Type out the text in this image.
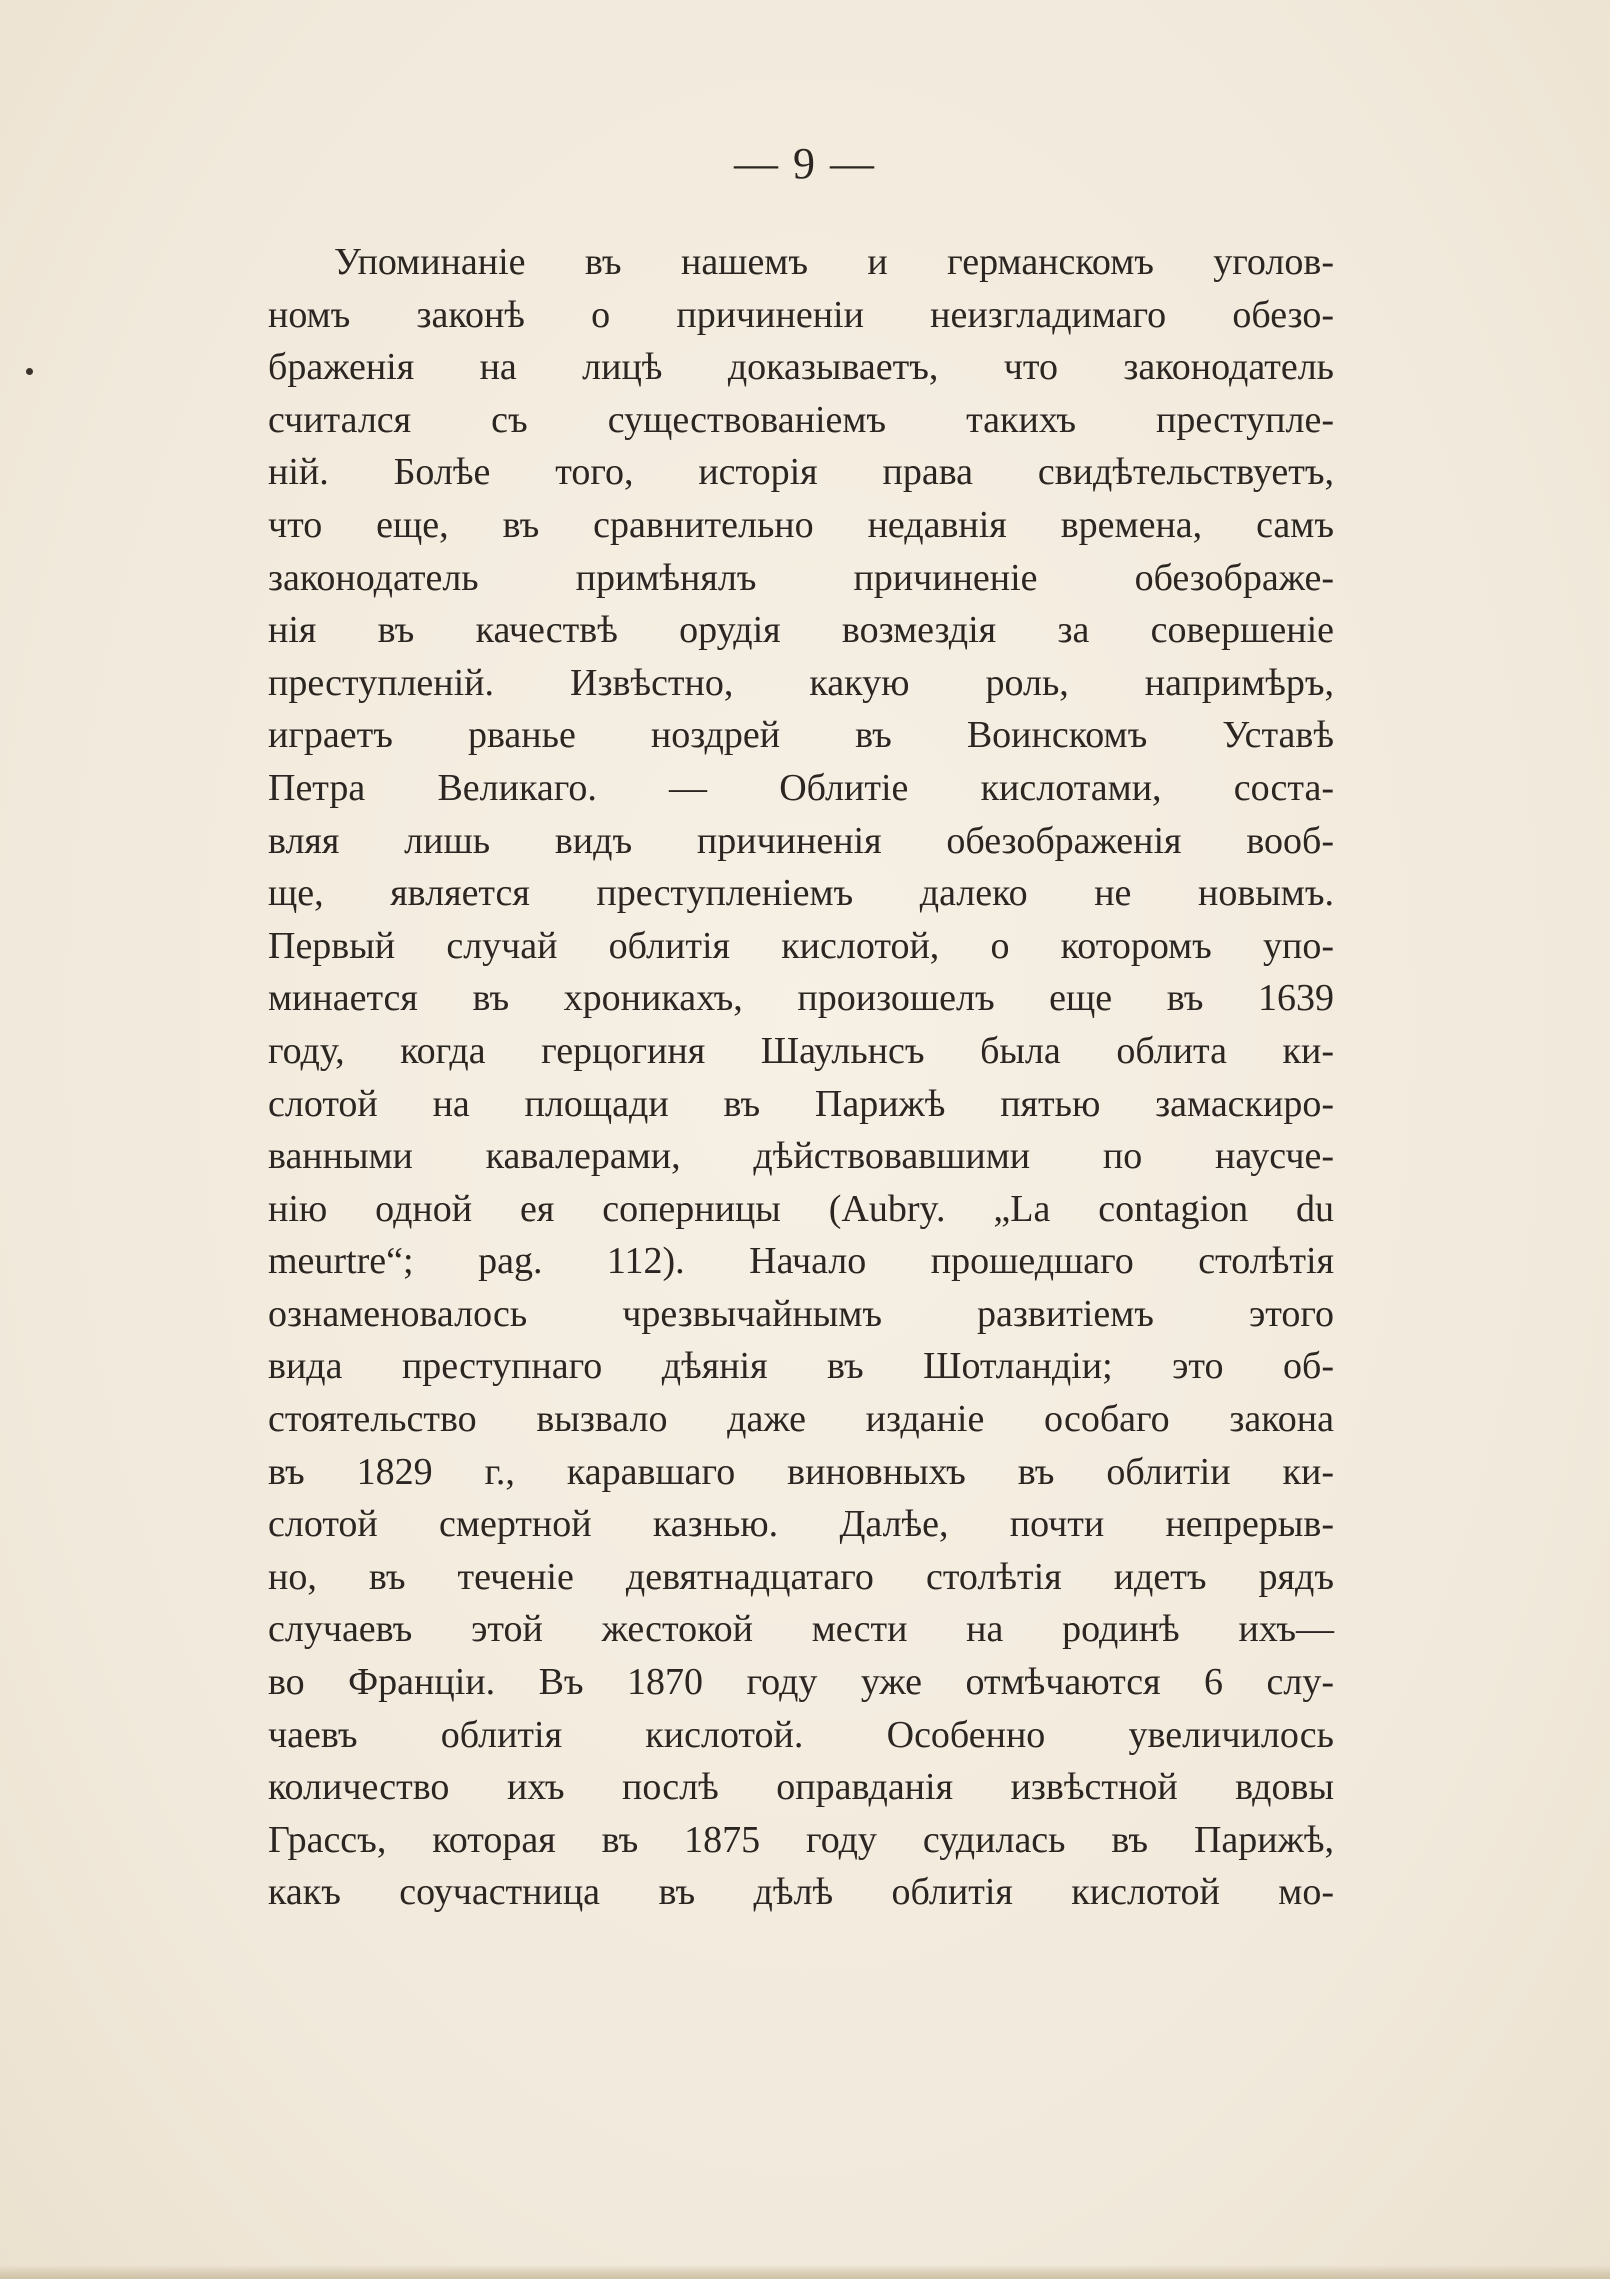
— 9 —
Упоминаніе въ нашемъ и германскомъ уголов-
номъ законѣ о причиненіи неизгладимаго обезо-
браженія на лицѣ доказываетъ, что законодатель
считался съ существованіемъ такихъ преступле-
ній. Болѣе того, исторія права свидѣтельствуетъ,
что еще, въ сравнительно недавнія времена, самъ
законодатель примѣнялъ причиненіе обезображе-
нія въ качествѣ орудія возмездія за совершеніе
преступленій. Извѣстно, какую роль, напримѣръ,
играетъ рванье ноздрей въ Воинскомъ Уставѣ
Петра Великаго. — Облитіе кислотами, соста-
вляя лишь видъ причиненія обезображенія вооб-
ще, является преступленіемъ далеко не новымъ.
Первый случай облитія кислотой, о которомъ упо-
минается въ хроникахъ, произошелъ еще въ 1639
году, когда герцогиня Шаульнсъ была облита ки-
слотой на площади въ Парижѣ пятью замаскиро-
ванными кавалерами, дѣйствовавшими по наусче-
нію одной ея соперницы (Aubry. „La contagion du
meurtre“; pag. 112). Начало прошедшаго столѣтія
ознаменовалось чрезвычайнымъ развитіемъ этого
вида преступнаго дѣянія въ Шотландіи; это об-
стоятельство вызвало даже изданіе особаго закона
въ 1829 г., каравшаго виновныхъ въ облитіи ки-
слотой смертной казнью. Далѣе, почти непрерыв-
но, въ теченіе девятнадцатаго столѣтія идетъ рядъ
случаевъ этой жестокой мести на родинѣ ихъ—
во Франціи. Въ 1870 году уже отмѣчаются 6 слу-
чаевъ облитія кислотой. Особенно увеличилось
количество ихъ послѣ оправданія извѣстной вдовы
Грассъ, которая въ 1875 году судилась въ Парижѣ,
какъ соучастница въ дѣлѣ облитія кислотой мо-
